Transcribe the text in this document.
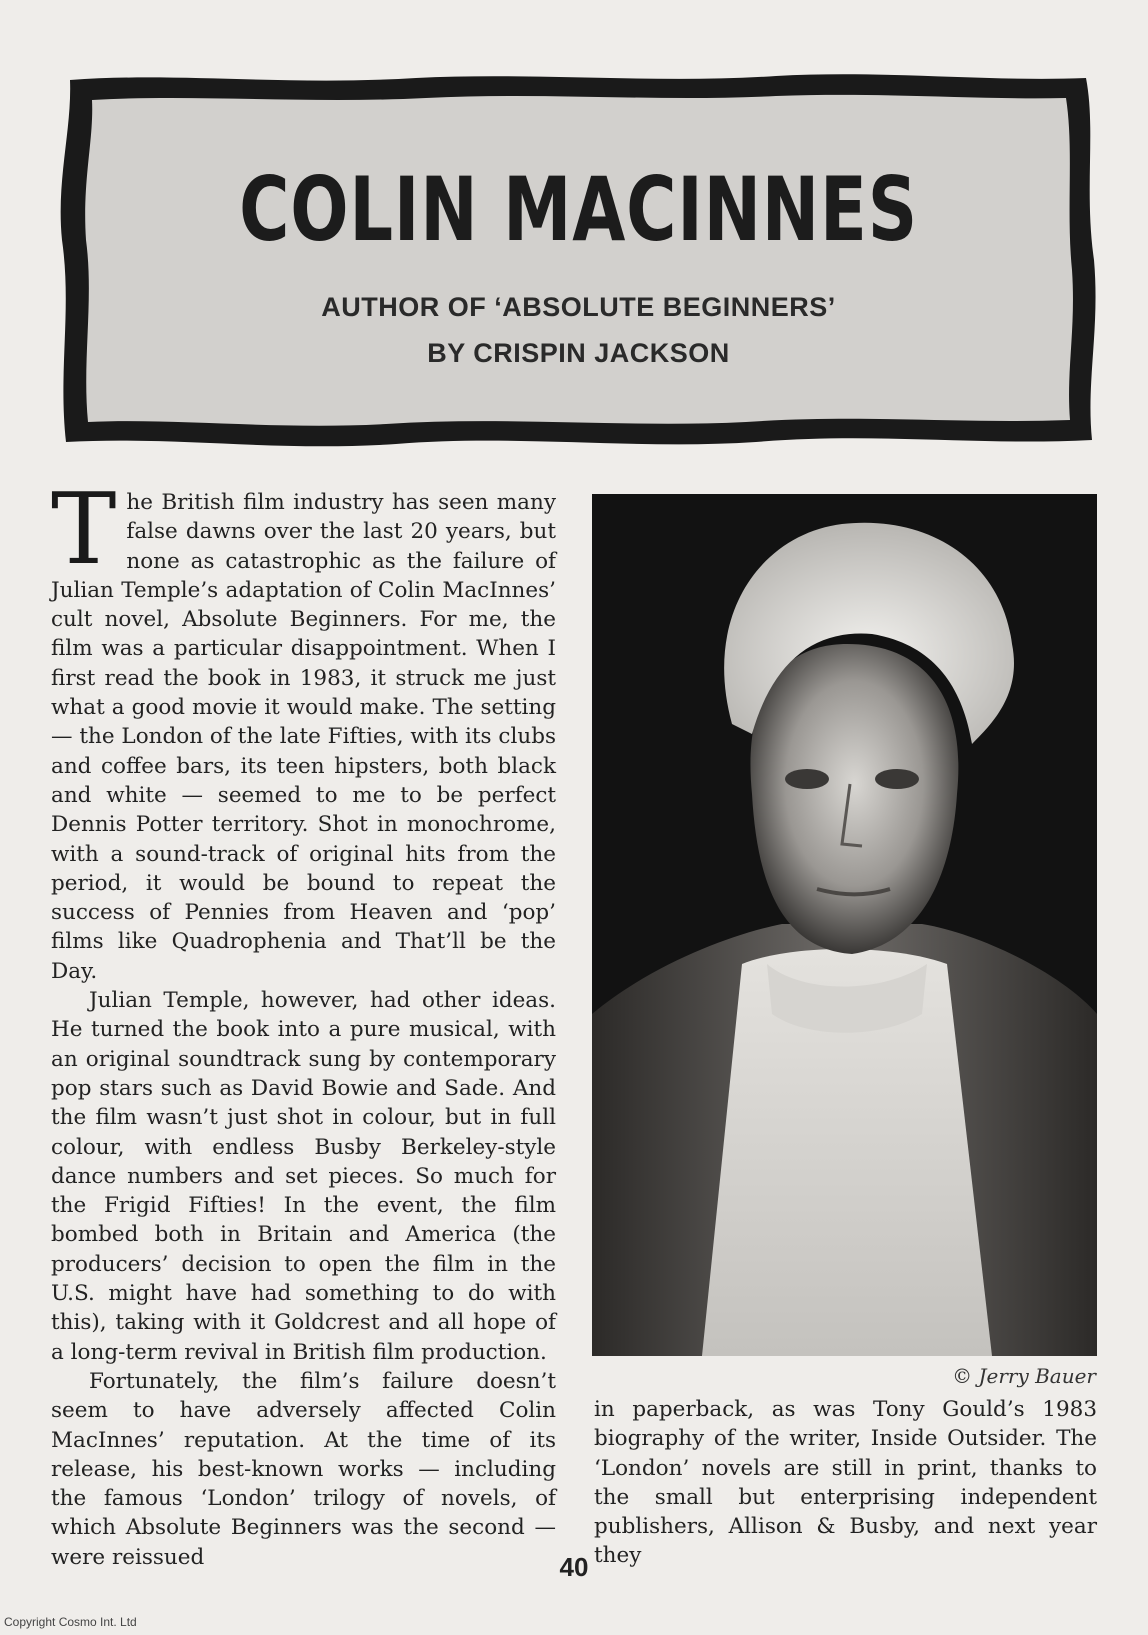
COLIN MACINNES
AUTHOR OF ‘ABSOLUTE BEGINNERS’
BY CRISPIN JACKSON

The British film industry has seen many false dawns over the last 20 years, but none as catastrophic as the failure of Julian Temple’s adaptation of Colin MacInnes’ cult novel, Absolute Beginners. For me, the film was a particular disappointment. When I first read the book in 1983, it struck me just what a good movie it would make. The setting — the London of the late Fifties, with its clubs and coffee bars, its teen hipsters, both black and white — seemed to me to be perfect Dennis Potter territory. Shot in monochrome, with a sound-track of original hits from the period, it would be bound to repeat the success of Pennies from Heaven and ‘pop’ films like Quadrophenia and That’ll be the Day.

Julian Temple, however, had other ideas. He turned the book into a pure musical, with an original soundtrack sung by contemporary pop stars such as David Bowie and Sade. And the film wasn’t just shot in colour, but in full colour, with endless Busby Berkeley-style dance numbers and set pieces. So much for the Frigid Fifties! In the event, the film bombed both in Britain and America (the producers’ decision to open the film in the U.S. might have had something to do with this), taking with it Goldcrest and all hope of a long-term revival in British film production.

Fortunately, the film’s failure doesn’t seem to have adversely affected Colin MacInnes’ reputation. At the time of its release, his best-known works — including the famous ‘London’ trilogy of novels, of which Absolute Beginners was the second — were reissued

© Jerry Bauer

in paperback, as was Tony Gould’s 1983 biography of the writer, Inside Outsider. The ‘London’ novels are still in print, thanks to the small but enterprising independent publishers, Allison & Busby, and next year they

40
Copyright Cosmo Int. Ltd
